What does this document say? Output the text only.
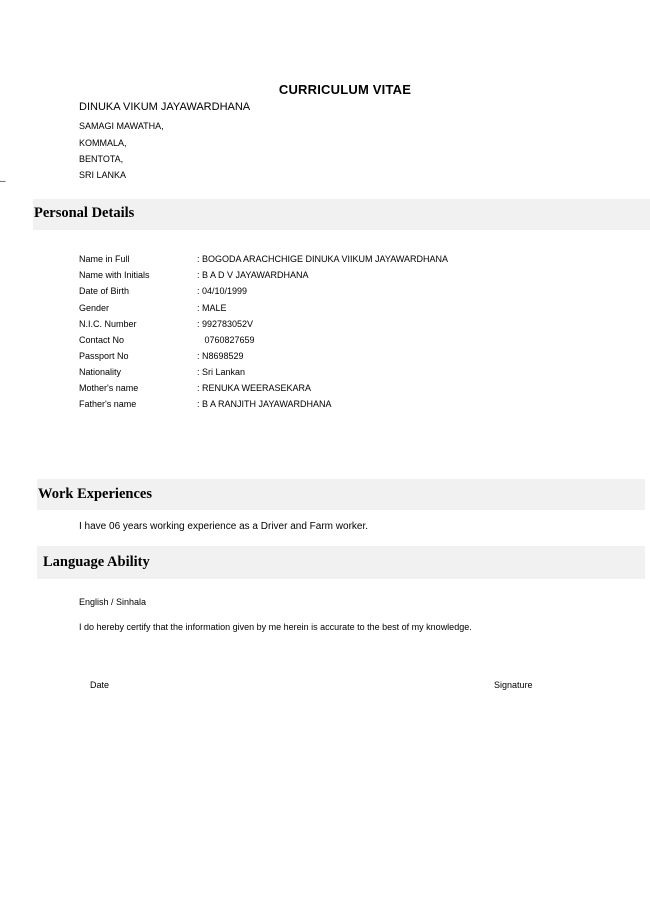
CURRICULUM VITAE
DINUKA VIKUM JAYAWARDHANA
SAMAGI MAWATHA,
KOMMALA,
BENTOTA,
SRI LANKA
–
Personal Details
Name in Full	: BOGODA ARACHCHIGE DINUKA VIIKUM JAYAWARDHANA
Name with Initials	: B A D V JAYAWARDHANA
Date of Birth	: 04/10/1999
Gender	: MALE
N.I.C. Number	: 992783052V
Contact No	0760827659
Passport No	: N8698529
Nationality	: Sri Lankan
Mother's name	: RENUKA WEERASEKARA
Father's name	: B A RANJITH JAYAWARDHANA
Work Experiences
I have 06 years working experience as a Driver and Farm worker.
Language Ability
English / Sinhala
I do hereby certify that the information given by me herein is accurate to the best of my knowledge.
Date	Signature
